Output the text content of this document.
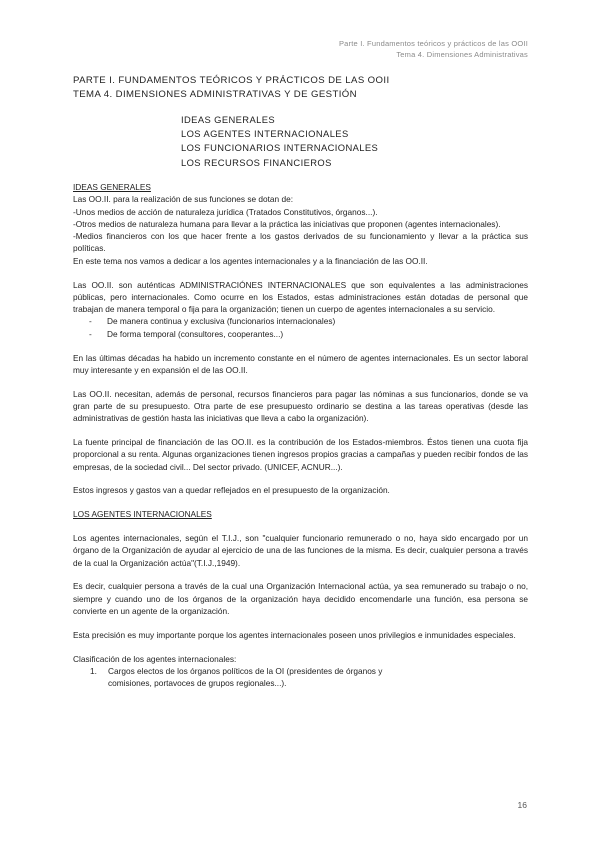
Parte I. Fundamentos teóricos y prácticos de las OOII
Tema 4. Dimensiones Administrativas
PARTE I. FUNDAMENTOS TEÓRICOS Y PRÁCTICOS DE LAS OOII
TEMA 4. DIMENSIONES ADMINISTRATIVAS Y DE GESTIÓN
IDEAS GENERALES
LOS AGENTES INTERNACIONALES
LOS FUNCIONARIOS INTERNACIONALES
LOS RECURSOS FINANCIEROS
IDEAS GENERALES

Las OO.II. para la realización de sus funciones se dotan de:
-Unos medios de acción de naturaleza jurídica (Tratados Constitutivos, órganos...).
-Otros medios de naturaleza humana para llevar a la práctica las iniciativas que proponen (agentes internacionales).
-Medios financieros con los que hacer frente a los gastos derivados de su funcionamiento y llevar a la práctica sus políticas.
En este tema nos vamos a dedicar a los agentes internacionales y a la financiación de las OO.II.

Las OO.II. son auténticas ADMINISTRACIÓNES INTERNACIONALES que son equivalentes a las administraciones públicas, pero internacionales. Como ocurre en los Estados, estas administraciones están dotadas de personal que trabajan de manera temporal o fija para la organización; tienen un cuerpo de agentes internacionales a su servicio.

-	De manera continua y exclusiva (funcionarios internacionales)
-	De forma temporal (consultores, cooperantes...)

En las últimas décadas ha habido un incremento constante en el número de agentes internacionales. Es un sector laboral muy interesante y en expansión el de las OO.II.

Las OO.II. necesitan, además de personal, recursos financieros para pagar las nóminas a sus funcionarios, donde se va gran parte de su presupuesto. Otra parte de ese presupuesto ordinario se destina a las tareas operativas (desde las administrativas de gestión hasta las iniciativas que lleva a cabo la organización).

La fuente principal de financiación de las OO.II. es la contribución de los Estados-miembros. Éstos tienen una cuota fija proporcional a su renta. Algunas organizaciones tienen ingresos propios gracias a campañas y pueden recibir fondos de las empresas, de la sociedad civil... Del sector privado. (UNICEF, ACNUR...).

Estos ingresos y gastos van a quedar reflejados en el presupuesto de la organización.

LOS AGENTES INTERNACIONALES

Los agentes internacionales, según el T.I.J., son "cualquier funcionario remunerado o no, haya sido encargado por un órgano de la Organización de ayudar al ejercicio de una de las funciones de la misma. Es decir, cualquier persona a través de la cual la Organización actúa"(T.I.J.,1949).

Es decir, cualquier persona a través de la cual una Organización Internacional actúa, ya sea remunerado su trabajo o no, siempre y cuando uno de los órganos de la organización haya decidido encomendarle una función, esa persona se convierte en un agente de la organización.

Esta precisión es muy importante porque los agentes internacionales poseen unos privilegios e inmunidades especiales.

Clasificación de los agentes internacionales:
1.	Cargos electos de los órganos políticos de la OI (presidentes de órganos y
comisiones, portavoces de grupos regionales...).
16
